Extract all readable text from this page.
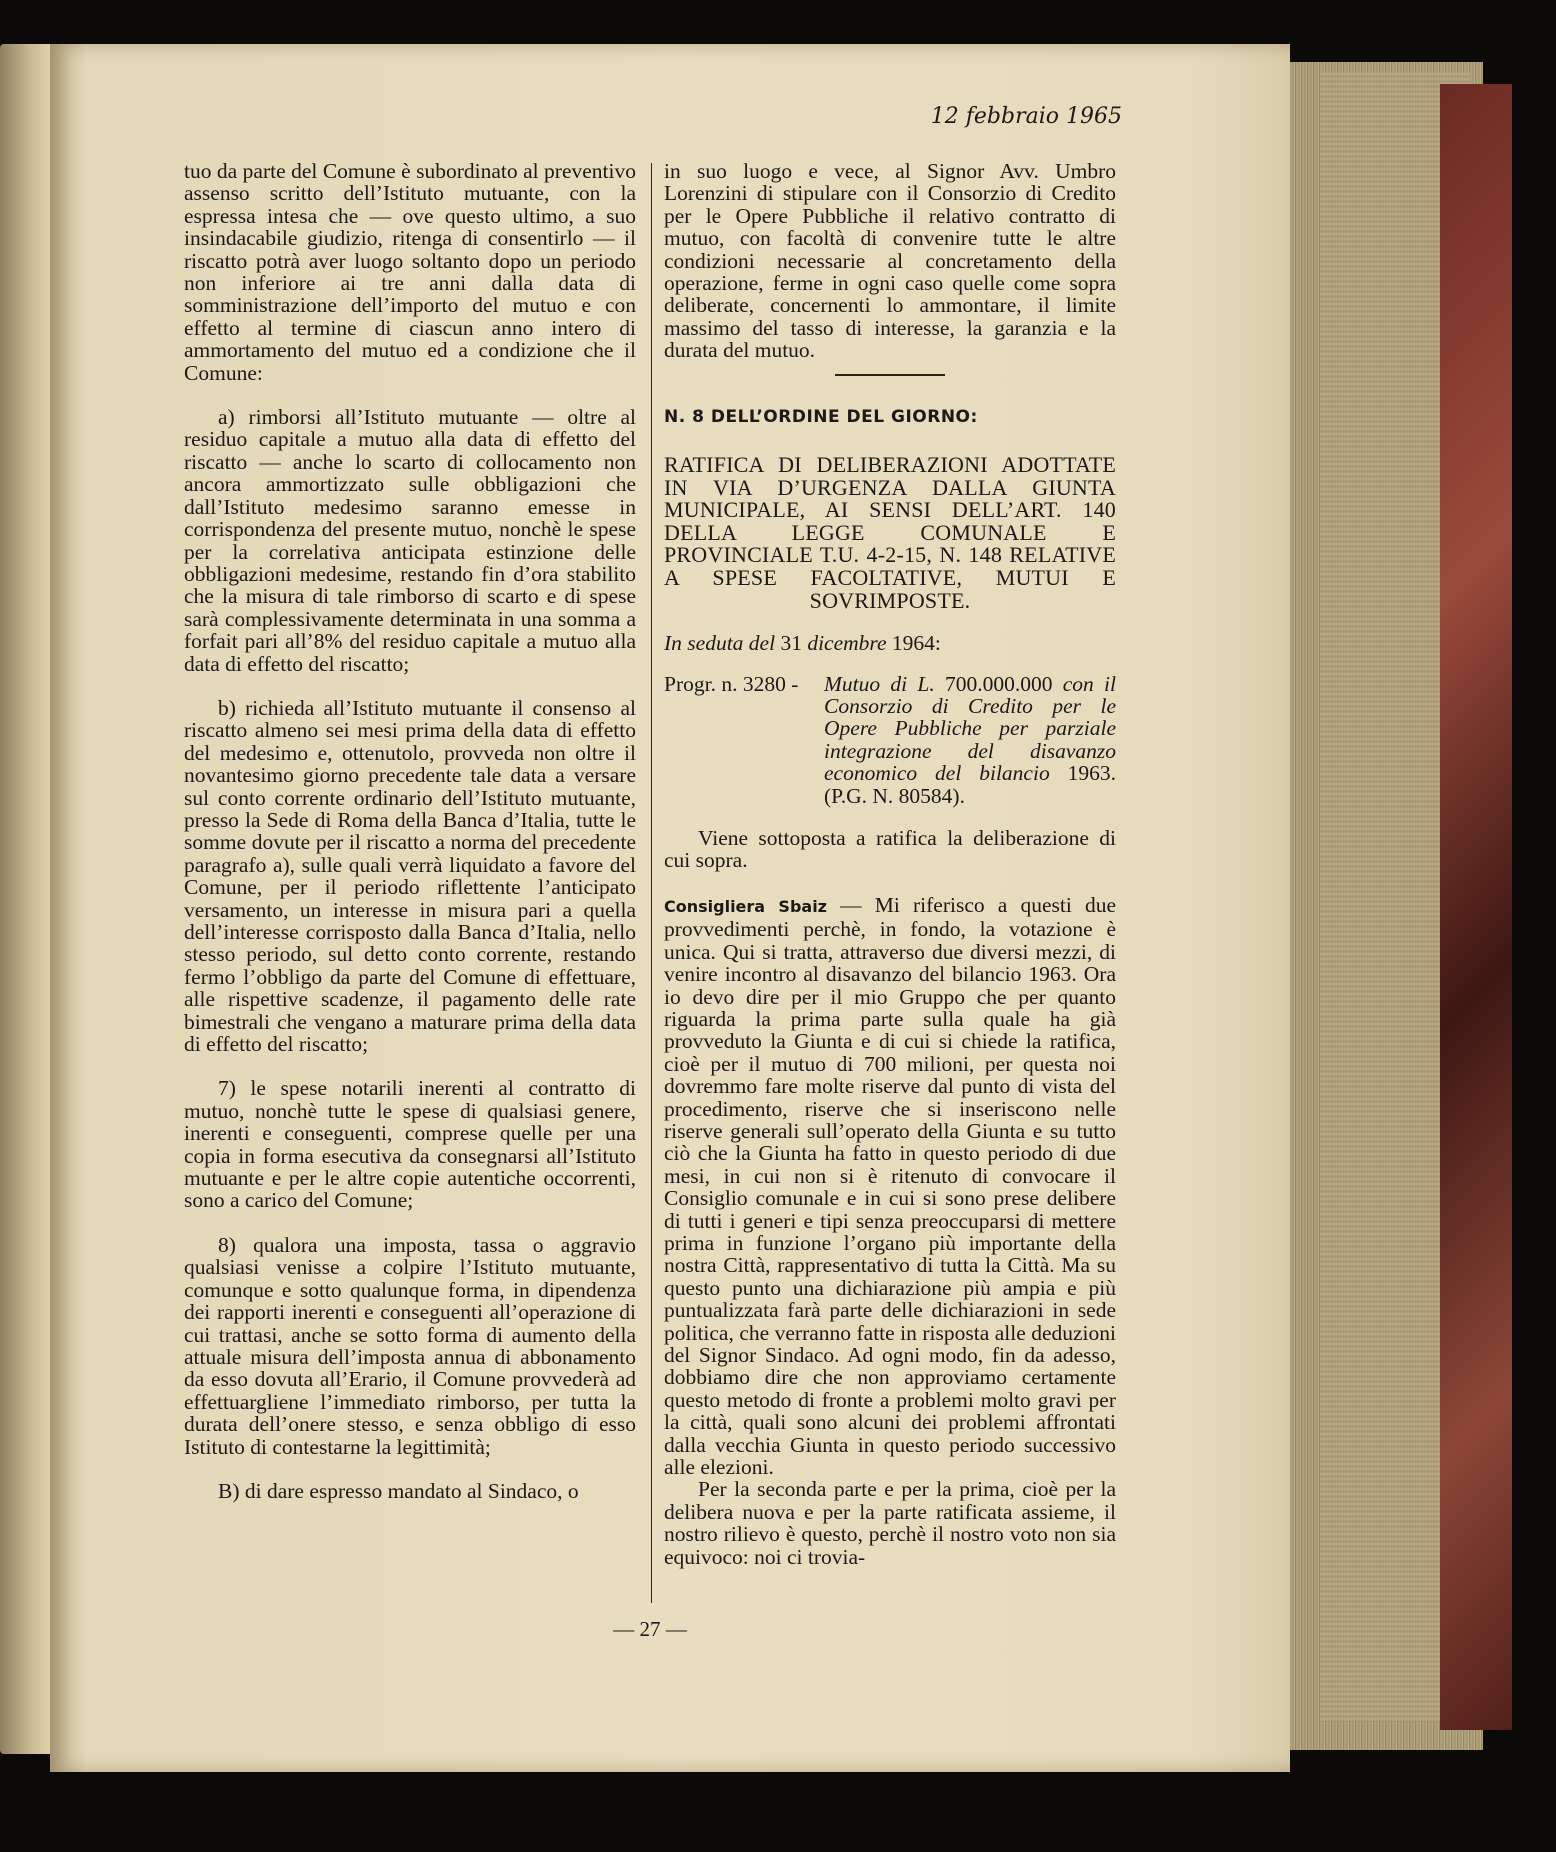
12 febbraio 1965

tuo da parte del Comune è subordinato al preventivo assenso scritto dell’Istituto mutuante, con la espressa intesa che — ove questo ultimo, a suo insindacabile giudizio, ritenga di consentirlo — il riscatto potrà aver luogo soltanto dopo un periodo non inferiore ai tre anni dalla data di somministrazione dell’importo del mutuo e con effetto al termine di ciascun anno intero di ammortamento del mutuo ed a condizione che il Comune:

a) rimborsi all’Istituto mutuante — oltre al residuo capitale a mutuo alla data di effetto del riscatto — anche lo scarto di collocamento non ancora ammortizzato sulle obbligazioni che dall’Istituto medesimo saranno emesse in corrispondenza del presente mutuo, nonchè le spese per la correlativa anticipata estinzione delle obbligazioni medesime, restando fin d’ora stabilito che la misura di tale rimborso di scarto e di spese sarà complessivamente determinata in una somma a forfait pari all’8% del residuo capitale a mutuo alla data di effetto del riscatto;

b) richieda all’Istituto mutuante il consenso al riscatto almeno sei mesi prima della data di effetto del medesimo e, ottenutolo, provveda non oltre il novantesimo giorno precedente tale data a versare sul conto corrente ordinario dell’Istituto mutuante, presso la Sede di Roma della Banca d’Italia, tutte le somme dovute per il riscatto a norma del precedente paragrafo a), sulle quali verrà liquidato a favore del Comune, per il periodo riflettente l’anticipato versamento, un interesse in misura pari a quella dell’interesse corrisposto dalla Banca d’Italia, nello stesso periodo, sul detto conto corrente, restando fermo l’obbligo da parte del Comune di effettuare, alle rispettive scadenze, il pagamento delle rate bimestrali che vengano a maturare prima della data di effetto del riscatto;

7) le spese notarili inerenti al contratto di mutuo, nonchè tutte le spese di qualsiasi genere, inerenti e conseguenti, comprese quelle per una copia in forma esecutiva da consegnarsi all’Istituto mutuante e per le altre copie autentiche occorrenti, sono a carico del Comune;

8) qualora una imposta, tassa o aggravio qualsiasi venisse a colpire l’Istituto mutuante, comunque e sotto qualunque forma, in dipendenza dei rapporti inerenti e conseguenti all’operazione di cui trattasi, anche se sotto forma di aumento della attuale misura dell’imposta annua di abbonamento da esso dovuta all’Erario, il Comune provvederà ad effettuargliene l’immediato rimborso, per tutta la durata dell’onere stesso, e senza obbligo di esso Istituto di contestarne la legittimità;

B) di dare espresso mandato al Sindaco, o

in suo luogo e vece, al Signor Avv. Umbro Lorenzini di stipulare con il Consorzio di Credito per le Opere Pubbliche il relativo contratto di mutuo, con facoltà di convenire tutte le altre condizioni necessarie al concretamento della operazione, ferme in ogni caso quelle come sopra deliberate, concernenti lo ammontare, il limite massimo del tasso di interesse, la garanzia e la durata del mutuo.

N. 8 DELL’ORDINE DEL GIORNO:
RATIFICA DI DELIBERAZIONI ADOTTATE IN VIA D’URGENZA DALLA GIUNTA MUNICIPALE, AI SENSI DELL’ART. 140 DELLA LEGGE COMUNALE E PROVINCIALE T.U. 4-2-15, N. 148 RELATIVE A SPESE FACOLTATIVE, MUTUI E SOVRIMPOSTE.
In seduta del 31 dicembre 1964:
Progr. n. 3280 -	Mutuo di L. 700.000.000 con il Consorzio di Credito per le Opere Pubbliche per parziale integrazione del disavanzo economico del bilancio 1963. (P.G. N. 80584).

Viene sottoposta a ratifica la deliberazione di cui sopra.

Consigliera Sbaiz — Mi riferisco a questi due provvedimenti perchè, in fondo, la votazione è unica. Qui si tratta, attraverso due diversi mezzi, di venire incontro al disavanzo del bilancio 1963. Ora io devo dire per il mio Gruppo che per quanto riguarda la prima parte sulla quale ha già provveduto la Giunta e di cui si chiede la ratifica, cioè per il mutuo di 700 milioni, per questa noi dovremmo fare molte riserve dal punto di vista del procedimento, riserve che si inseriscono nelle riserve generali sull’operato della Giunta e su tutto ciò che la Giunta ha fatto in questo periodo di due mesi, in cui non si è ritenuto di convocare il Consiglio comunale e in cui si sono prese delibere di tutti i generi e tipi senza preoccuparsi di mettere prima in funzione l’organo più importante della nostra Città, rappresentativo di tutta la Città. Ma su questo punto una dichiarazione più ampia e più puntualizzata farà parte delle dichiarazioni in sede politica, che verranno fatte in risposta alle deduzioni del Signor Sindaco. Ad ogni modo, fin da adesso, dobbiamo dire che non approviamo certamente questo metodo di fronte a problemi molto gravi per la città, quali sono alcuni dei problemi affrontati dalla vecchia Giunta in questo periodo successivo alle elezioni.

Per la seconda parte e per la prima, cioè per la delibera nuova e per la parte ratificata assieme, il nostro rilievo è questo, perchè il nostro voto non sia equivoco: noi ci trovia-

— 27 —
